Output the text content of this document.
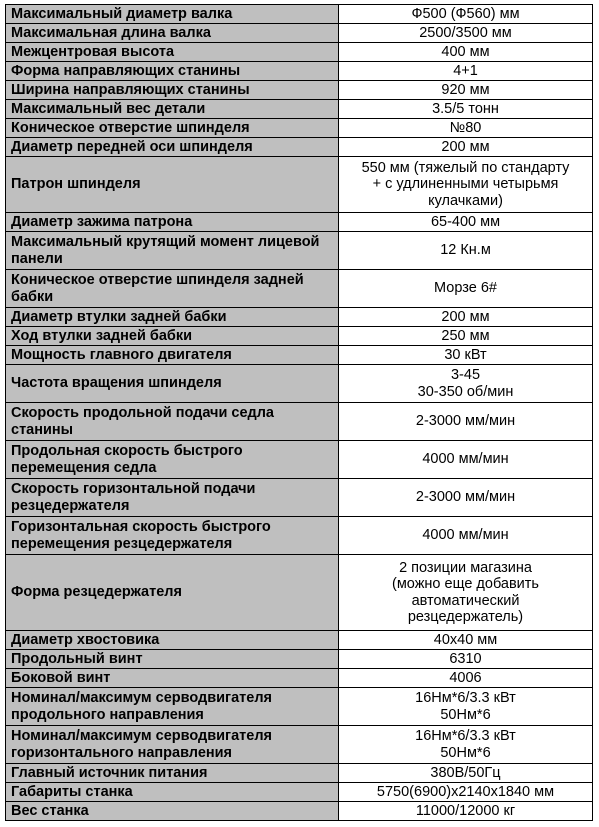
Максимальный диаметр валка	Ф500 (Ф560) мм

Максимальная длина валка	2500/3500 мм

Межцентровая высота	400 мм

Форма направляющих станины	4+1

Ширина направляющих станины	920 мм

Максимальный вес детали	3.5/5 тонн

Коническое отверстие шпинделя	№80

Диаметр передней оси шпинделя	200 мм

Патрон шпинделя	550 мм (тяжелый по стандарту
+ с удлиненными четырьмя
кулачками)

Диаметр зажима патрона	65-400 мм

Максимальный крутящий момент лицевой панели	12 Кн.м

Коническое отверстие шпинделя задней бабки	Морзе 6#

Диаметр втулки задней бабки	200 мм

Ход втулки задней бабки	250 мм

Мощность главного двигателя	30 кВт

Частота вращения шпинделя	3-45
30-350 об/мин

Скорость продольной подачи седла станины	2-3000 мм/мин

Продольная скорость быстрого перемещения седла	4000 мм/мин

Скорость горизонтальной подачи резцедержателя	2-3000 мм/мин

Горизонтальная скорость быстрого перемещения резцедержателя	4000 мм/мин

Форма резцедержателя	2 позиции магазина
(можно еще добавить
автоматический
резцедержатель)

Диаметр хвостовика	40x40 мм

Продольный винт	6310

Боковой винт	4006

Номинал/максимум серводвигателя продольного направления	16Нм*6/3.3 кВт
50Нм*6

Номинал/максимум серводвигателя горизонтального направления	16Нм*6/3.3 кВт
50Нм*6

Главный источник питания	380В/50Гц

Габариты станка	5750(6900)x2140x1840 мм

Вес станка	11000/12000 кг
